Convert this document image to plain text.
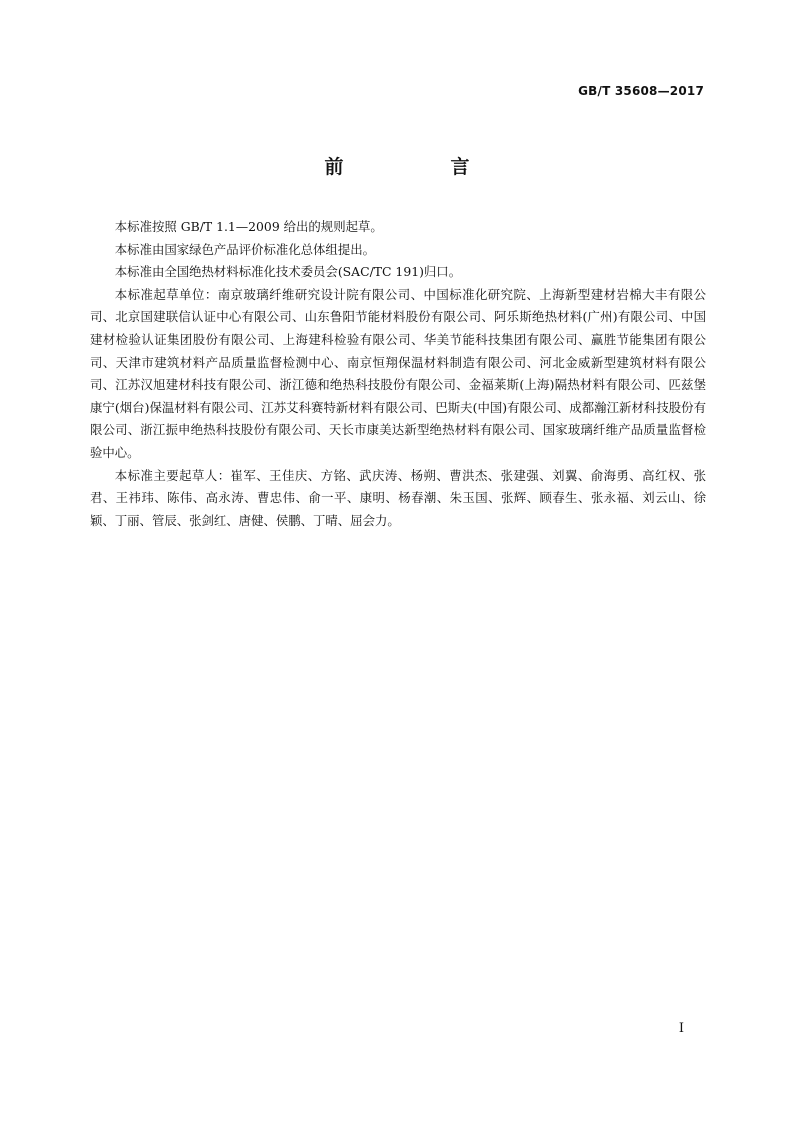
GB/T 35608—2017
前　言

本标准按照 GB/T 1.1—2009 给出的规则起草。

本标准由国家绿色产品评价标准化总体组提出。

本标准由全国绝热材料标准化技术委员会(SAC/TC 191)归口。

本标准起草单位：南京玻璃纤维研究设计院有限公司、中国标准化研究院、上海新型建材岩棉大丰有限公司、北京国建联信认证中心有限公司、山东鲁阳节能材料股份有限公司、阿乐斯绝热材料(广州)有限公司、中国建材检验认证集团股份有限公司、上海建科检验有限公司、华美节能科技集团有限公司、赢胜节能集团有限公司、天津市建筑材料产品质量监督检测中心、南京恒翔保温材料制造有限公司、河北金威新型建筑材料有限公司、江苏汉旭建材科技有限公司、浙江德和绝热科技股份有限公司、金福莱斯(上海)隔热材料有限公司、匹兹堡康宁(烟台)保温材料有限公司、江苏艾科赛特新材料有限公司、巴斯夫(中国)有限公司、成都瀚江新材科技股份有限公司、浙江振申绝热科技股份有限公司、天长市康美达新型绝热材料有限公司、国家玻璃纤维产品质量监督检验中心。

本标准主要起草人：崔军、王佳庆、方铭、武庆涛、杨朔、曹洪杰、张建强、刘翼、俞海勇、高红权、张君、王祎玮、陈伟、高永涛、曹忠伟、俞一平、康明、杨春潮、朱玉国、张辉、顾春生、张永福、刘云山、徐颖、丁丽、管辰、张剑红、唐健、侯鹏、丁晴、屈会力。

I
